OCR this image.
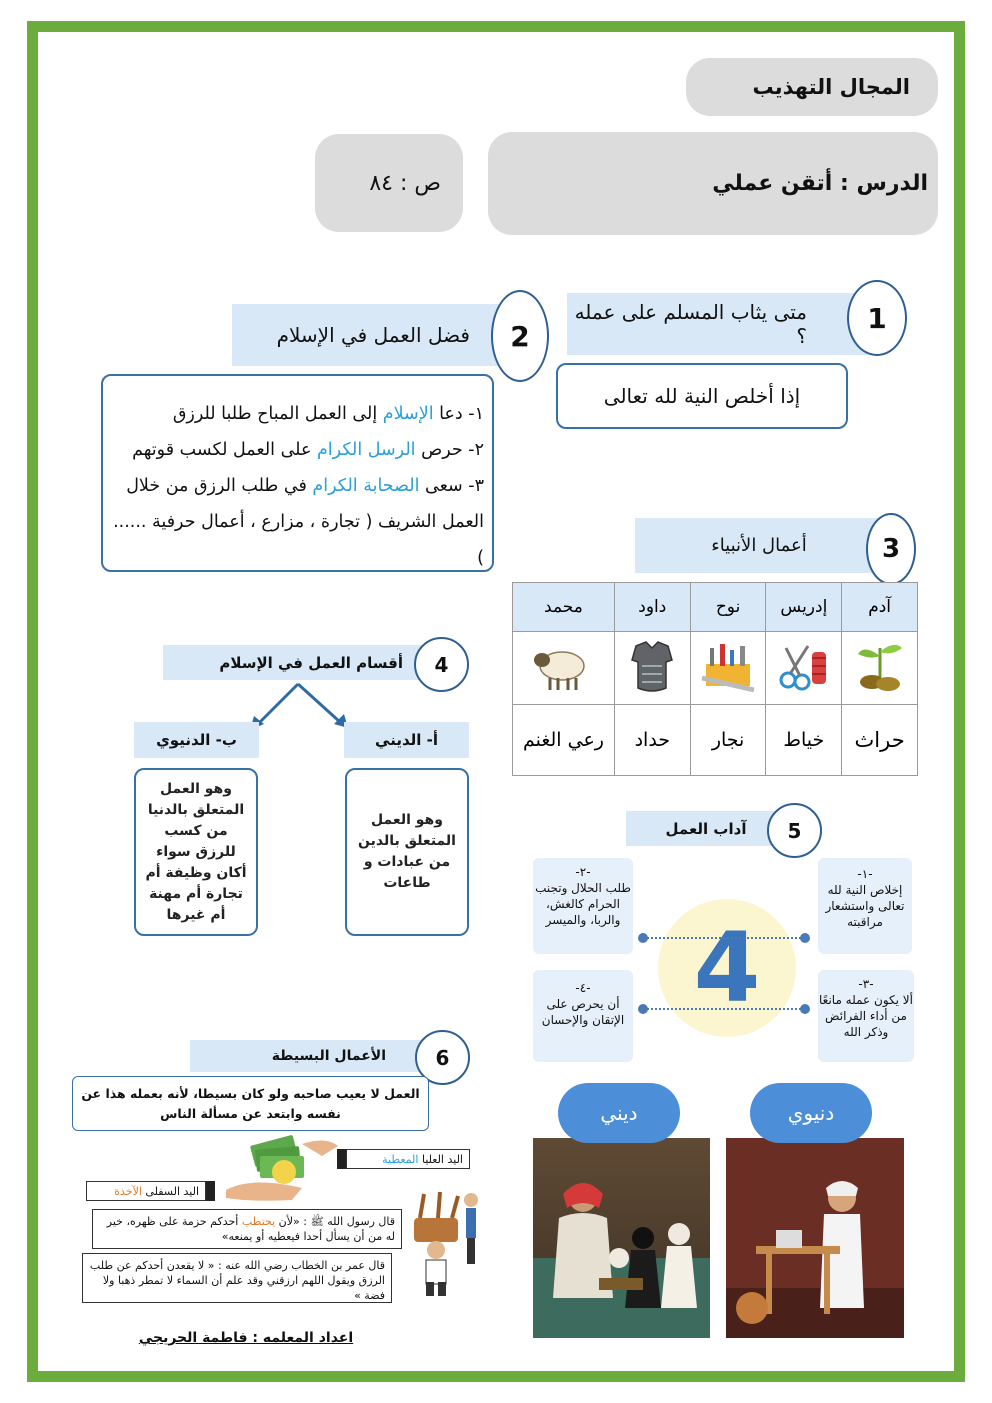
المجال التهذيب
الدرس : أتقن عملي
ص : ٨٤
متى يثاب المسلم على عمله ؟
1
إذا أخلص النية لله تعالى
فضل العمل في الإسلام 2
١- دعا الإسلام إلى العمل المباح طلبا للرزق
٢- حرص الرسل الكرام على العمل لكسب قوتهم
٣- سعى الصحابة الكرام في طلب الرزق من خلال
العمل الشريف ( تجارة ، مزارع ، أعمال حرفية ...... )
أعمال الأنبياء	3
آدم	إدريس	نوح	داود	محمد

حراث	خياط	نجار	حداد	رعي الغنم
أقسام العمل في الإسلام 4
أ- الديني
ب- الدنيوي
وهو العمل المتعلق بالدين من عبادات و طاعات
وهو العمل المتعلق بالدنيا من كسب للرزق سواء أكان وظيفة أم تجارة أم مهنة أم غيرها
آداب العمل 5
4
-١-
إخلاص النية لله تعالى واستشعار مراقبته
-٢-
طلب الحلال وتجنب الحرام كالغش، والربا، والميسر
-٣-
ألا يكون عمله مانعًا من أداء الفرائض وذكر الله
-٤-
أن يحرص على الإتقان والإحسان
الأعمال البسيطة 6
العمل لا يعيب صاحبه ولو كان بسيطا، لأنه بعمله هذا عن نفسه وابتعد عن مسألة الناس
اليد العليا المعطية
اليد السفلى الآخذة
قال رسول الله ﷺ : «لأن يحتطب أحدكم حزمة على ظهره، خير له من أن يسأل أحدا فيعطيه أو يمنعه»
قال عمر بن الخطاب رضي الله عنه : « لا يقعدن أحدكم عن طلب الرزق ويقول اللهم ارزقني وقد علم أن السماء لا تمطر ذهبا ولا فضة »
ديني	دنيوي
اعداد المعلمه : فاطمة الحريجي
